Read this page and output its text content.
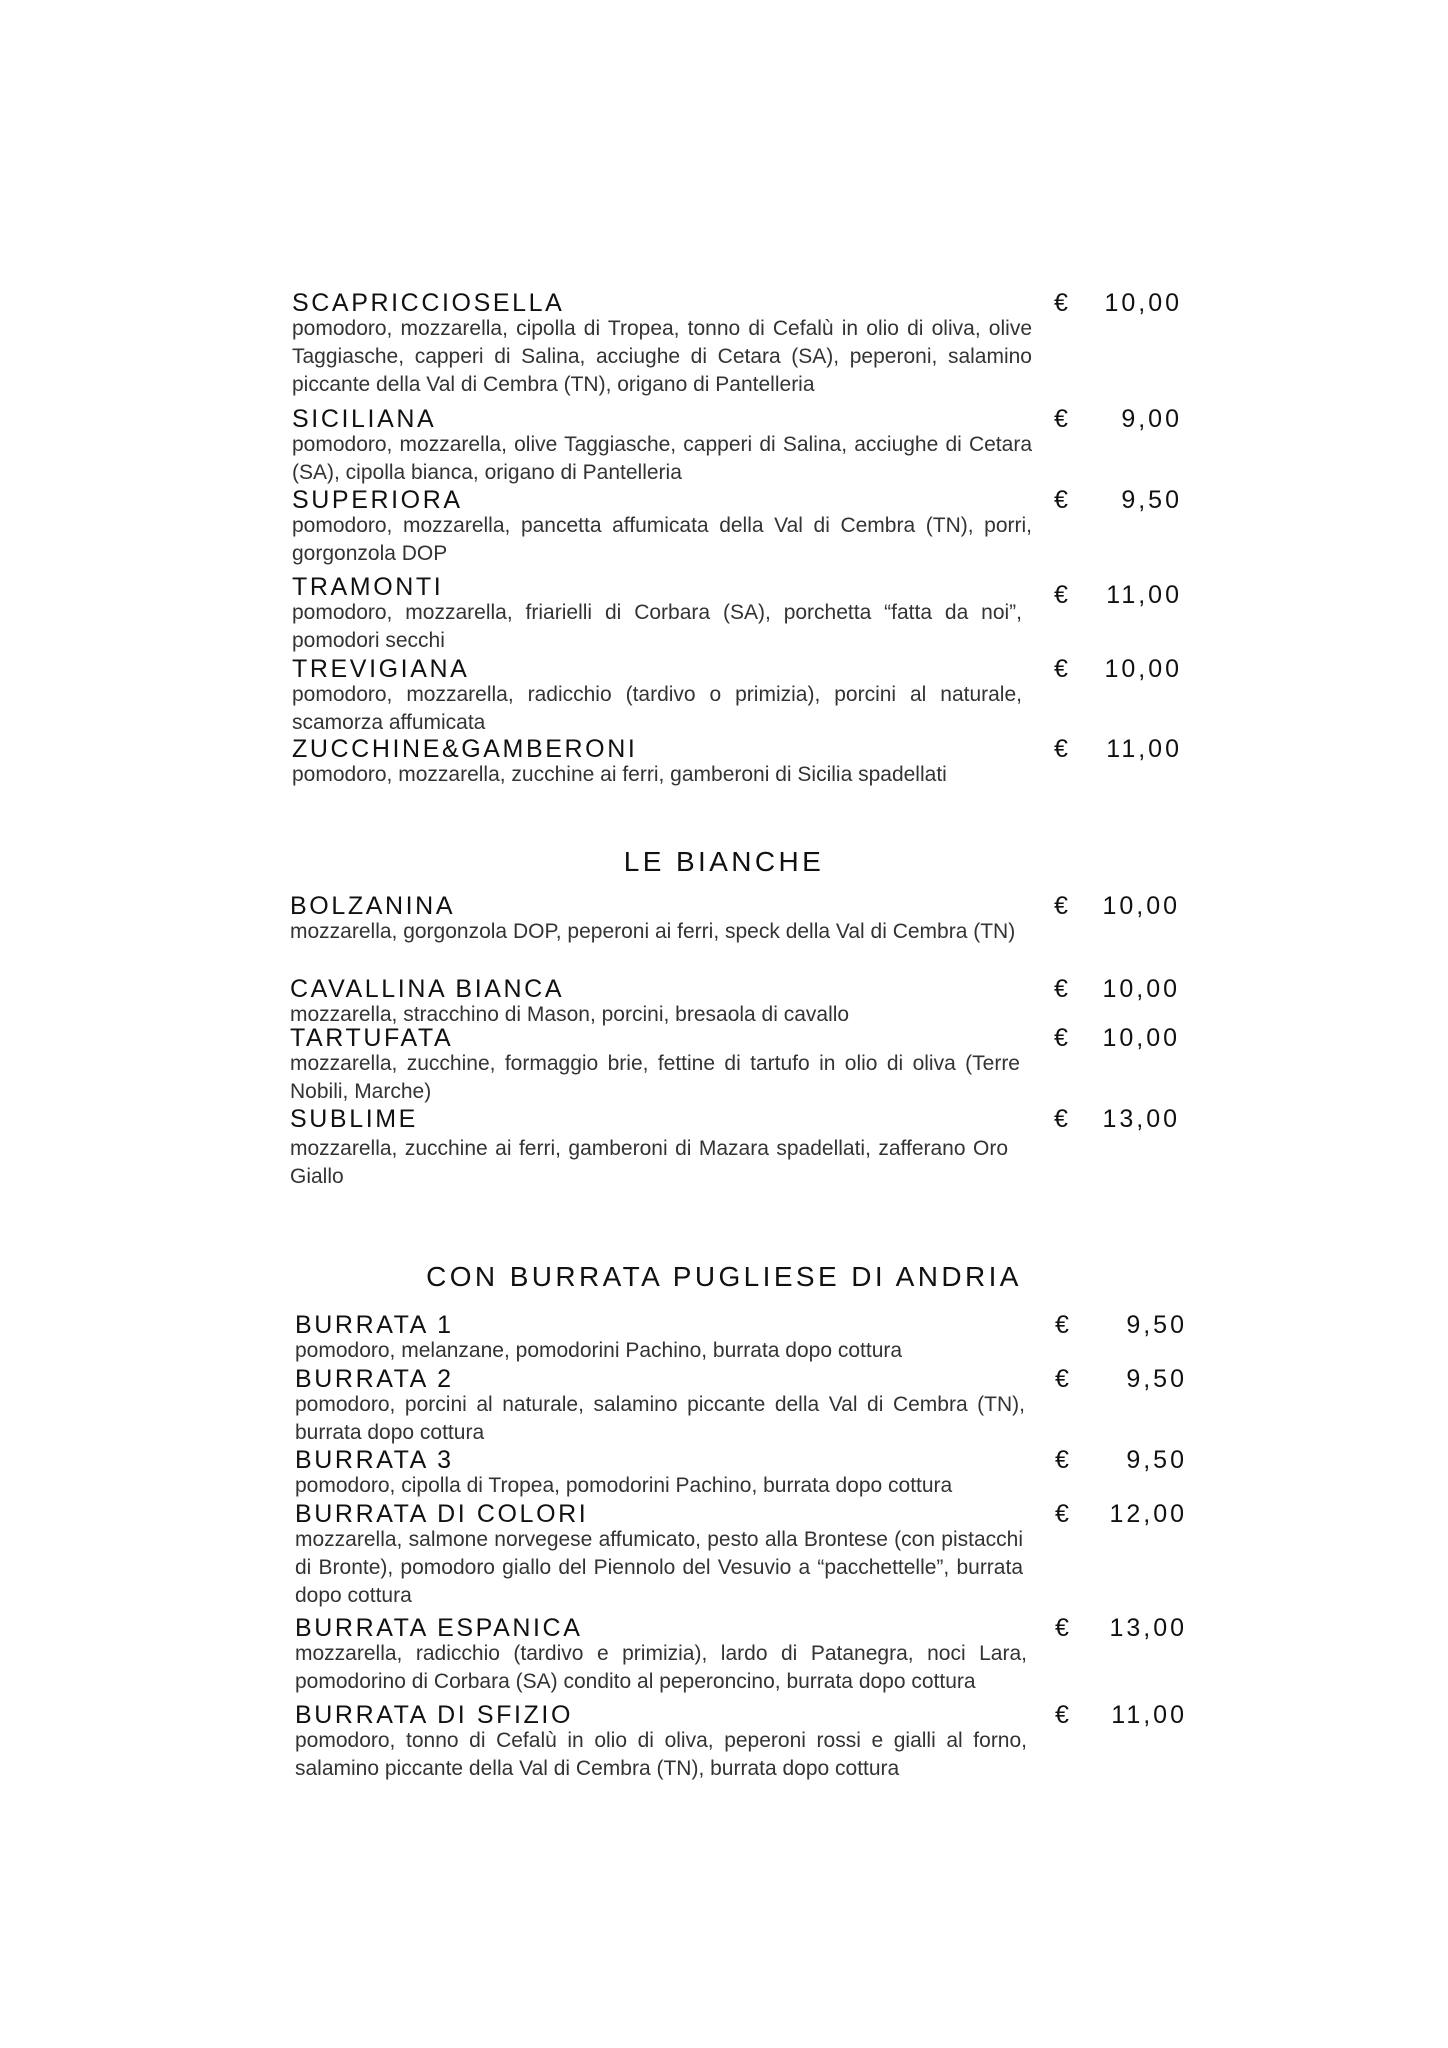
SCAPRICCIOSELLA

pomodoro, mozzarella, cipolla di Tropea, tonno di Cefalù in olio di oliva, olive Taggiasche, capperi di Salina, acciughe di Cetara (SA), peperoni, salamino piccante della Val di Cembra (TN), origano di Pantelleria

€ 10,00
SICILIANA

pomodoro, mozzarella, olive Taggiasche, capperi di Salina, acciughe di Cetara (SA), cipolla bianca, origano di Pantelleria

€ 9,00
SUPERIORA

pomodoro, mozzarella, pancetta affumicata della Val di Cembra (TN), porri, gorgonzola DOP

€ 9,50
TRAMONTI

pomodoro, mozzarella, friarielli di Corbara (SA), porchetta “fatta da noi”, pomodori secchi

€ 11,00
TREVIGIANA

pomodoro, mozzarella, radicchio (tardivo o primizia), porcini al naturale, scamorza affumicata

€ 10,00
ZUCCHINE&GAMBERONI

pomodoro, mozzarella, zucchine ai ferri, gamberoni di Sicilia spadellati

€ 11,00
LE BIANCHE
BOLZANINA

mozzarella, gorgonzola DOP, peperoni ai ferri, speck della Val di Cembra (TN)

€ 10,00
CAVALLINA BIANCA

mozzarella, stracchino di Mason, porcini, bresaola di cavallo

€ 10,00
TARTUFATA

mozzarella, zucchine, formaggio brie, fettine di tartufo in olio di oliva (Terre Nobili, Marche)

€ 10,00
SUBLIME

mozzarella, zucchine ai ferri, gamberoni di Mazara spadellati, zafferano Oro Giallo

€ 13,00
CON BURRATA PUGLIESE DI ANDRIA
BURRATA 1

pomodoro, melanzane, pomodorini Pachino, burrata dopo cottura

€ 9,50
BURRATA 2

pomodoro, porcini al naturale, salamino piccante della Val di Cembra (TN), burrata dopo cottura

€ 9,50
BURRATA 3

pomodoro, cipolla di Tropea, pomodorini Pachino, burrata dopo cottura

€ 9,50
BURRATA DI COLORI

mozzarella, salmone norvegese affumicato, pesto alla Brontese (con pistacchi di Bronte), pomodoro giallo del Piennolo del Vesuvio a “pacchettelle”, burrata dopo cottura

€ 12,00
BURRATA ESPANICA

mozzarella, radicchio (tardivo e primizia), lardo di Patanegra, noci Lara, pomodorino di Corbara (SA) condito al peperoncino, burrata dopo cottura

€ 13,00
BURRATA DI SFIZIO

pomodoro, tonno di Cefalù in olio di oliva, peperoni rossi e gialli al forno, salamino piccante della Val di Cembra (TN), burrata dopo cottura

€ 11,00
